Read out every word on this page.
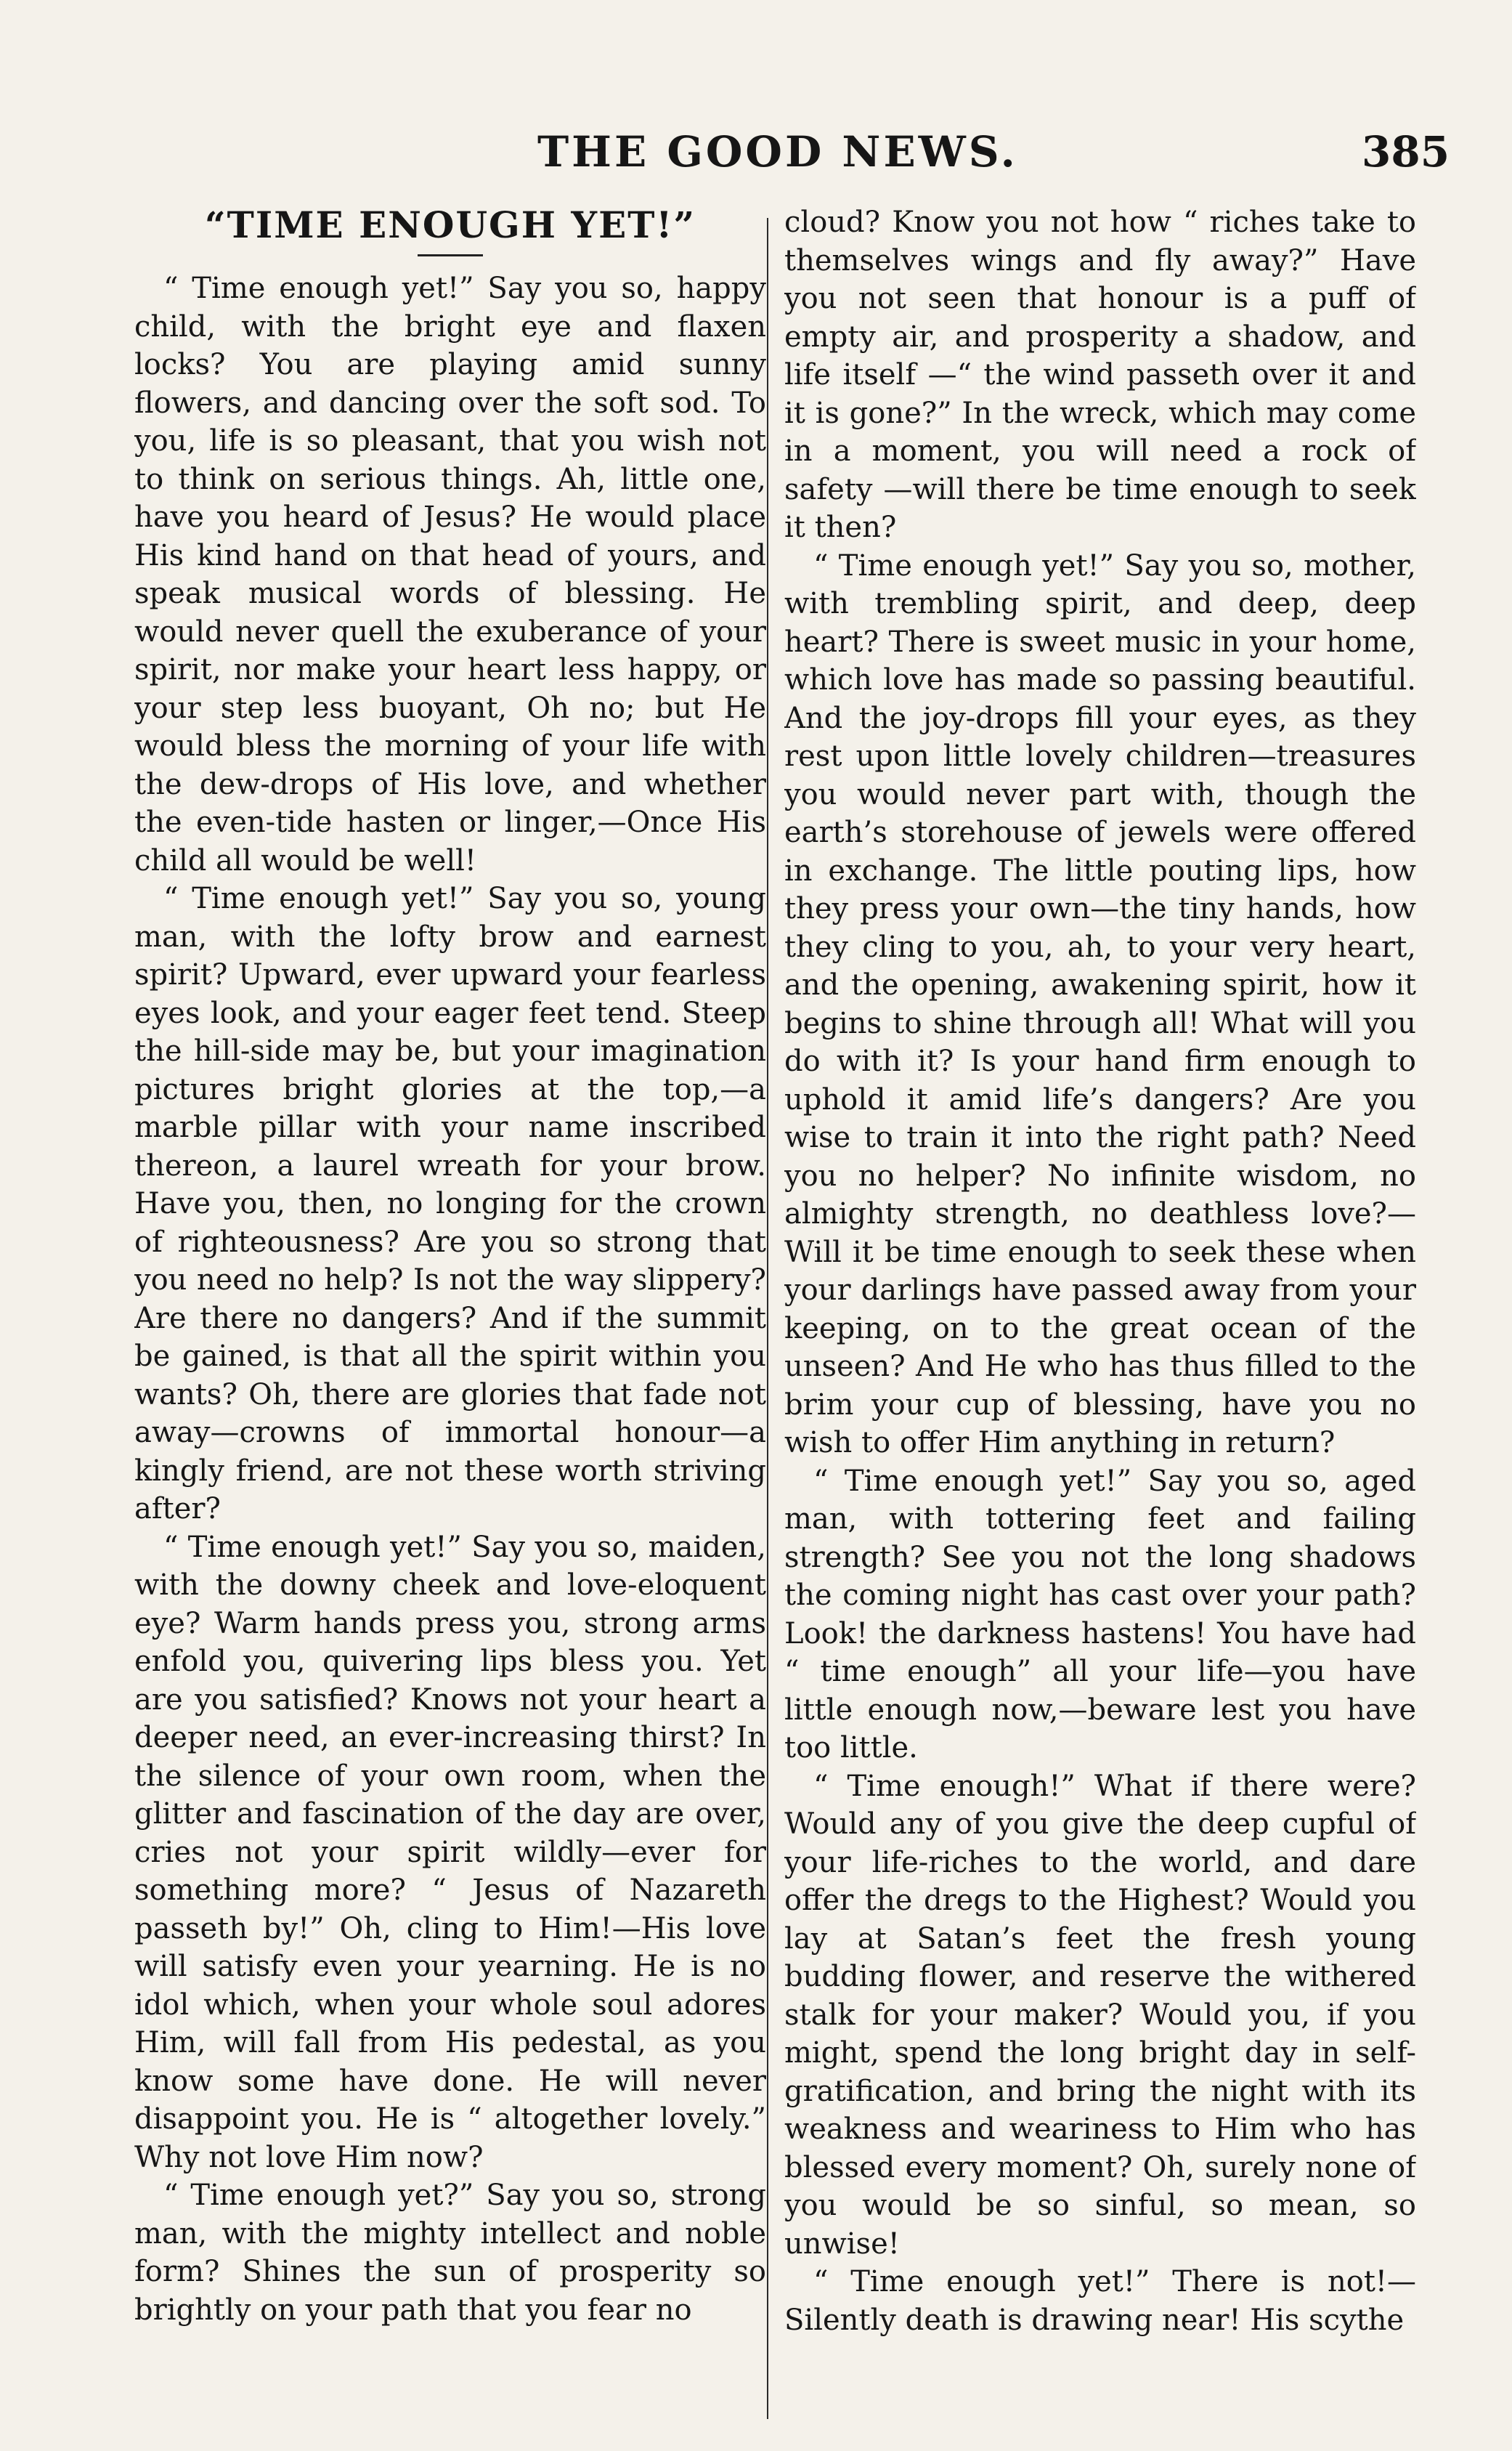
THE GOOD NEWS.	385
“TIME ENOUGH YET!”

“ Time enough yet!” Say you so, happy child, with the bright eye and flaxen locks? You are playing amid sunny flowers, and dancing over the soft sod. To you, life is so pleasant, that you wish not to think on serious things. Ah, little one, have you heard of Jesus? He would place His kind hand on that head of yours, and speak musical words of blessing. He would never quell the exuberance of your spirit, nor make your heart less happy, or your step less buoyant, Oh no; but He would bless the morning of your life with the dew-drops of His love, and whether the even-tide hasten or linger,—Once His child all would be well!

“ Time enough yet!” Say you so, young man, with the lofty brow and earnest spirit? Upward, ever upward your fearless eyes look, and your eager feet tend. Steep the hill-side may be, but your imagination pictures bright glories at the top,—a marble pillar with your name inscribed thereon, a laurel wreath for your brow. Have you, then, no longing for the crown of righteousness? Are you so strong that you need no help? Is not the way slippery? Are there no dangers? And if the summit be gained, is that all the spirit within you wants? Oh, there are glories that fade not away—crowns of immortal honour—a kingly friend, are not these worth striving after?

“ Time enough yet!” Say you so, maiden, with the downy cheek and love-eloquent eye? Warm hands press you, strong arms enfold you, quivering lips bless you. Yet are you satisfied? Knows not your heart a deeper need, an ever-increasing thirst? In the silence of your own room, when the glitter and fascination of the day are over, cries not your spirit wildly—ever for something more? “ Jesus of Nazareth passeth by!” Oh, cling to Him!—His love will satisfy even your yearning. He is no idol which, when your whole soul adores Him, will fall from His pedestal, as you know some have done. He will never disappoint you. He is “ altogether lovely.” Why not love Him now?

“ Time enough yet?” Say you so, strong man, with the mighty intellect and noble form? Shines the sun of prosperity so brightly on your path that you fear no

cloud? Know you not how “ riches take to themselves wings and fly away?” Have you not seen that honour is a puff of empty air, and prosperity a shadow, and life itself —“ the wind passeth over it and it is gone?” In the wreck, which may come in a moment, you will need a rock of safety —will there be time enough to seek it then?

“ Time enough yet!” Say you so, mother, with trembling spirit, and deep, deep heart? There is sweet music in your home, which love has made so passing beautiful. And the joy-drops fill your eyes, as they rest upon little lovely children—treasures you would never part with, though the earth’s storehouse of jewels were offered in exchange. The little pouting lips, how they press your own—the tiny hands, how they cling to you, ah, to your very heart, and the opening, awakening spirit, how it begins to shine through all! What will you do with it? Is your hand firm enough to uphold it amid life’s dangers? Are you wise to train it into the right path? Need you no helper? No infinite wisdom, no almighty strength, no deathless love?—Will it be time enough to seek these when your darlings have passed away from your keeping, on to the great ocean of the unseen? And He who has thus filled to the brim your cup of blessing, have you no wish to offer Him anything in return?

“ Time enough yet!” Say you so, aged man, with tottering feet and failing strength? See you not the long shadows the coming night has cast over your path? Look! the darkness hastens! You have had “ time enough” all your life—you have little enough now,—beware lest you have too little.

“ Time enough!” What if there were? Would any of you give the deep cupful of your life-riches to the world, and dare offer the dregs to the Highest? Would you lay at Satan’s feet the fresh young budding flower, and reserve the withered stalk for your maker? Would you, if you might, spend the long bright day in self-gratification, and bring the night with its weakness and weariness to Him who has blessed every moment? Oh, surely none of you would be so sinful, so mean, so unwise!

“ Time enough yet!” There is not!—Silently death is drawing near! His scythe
